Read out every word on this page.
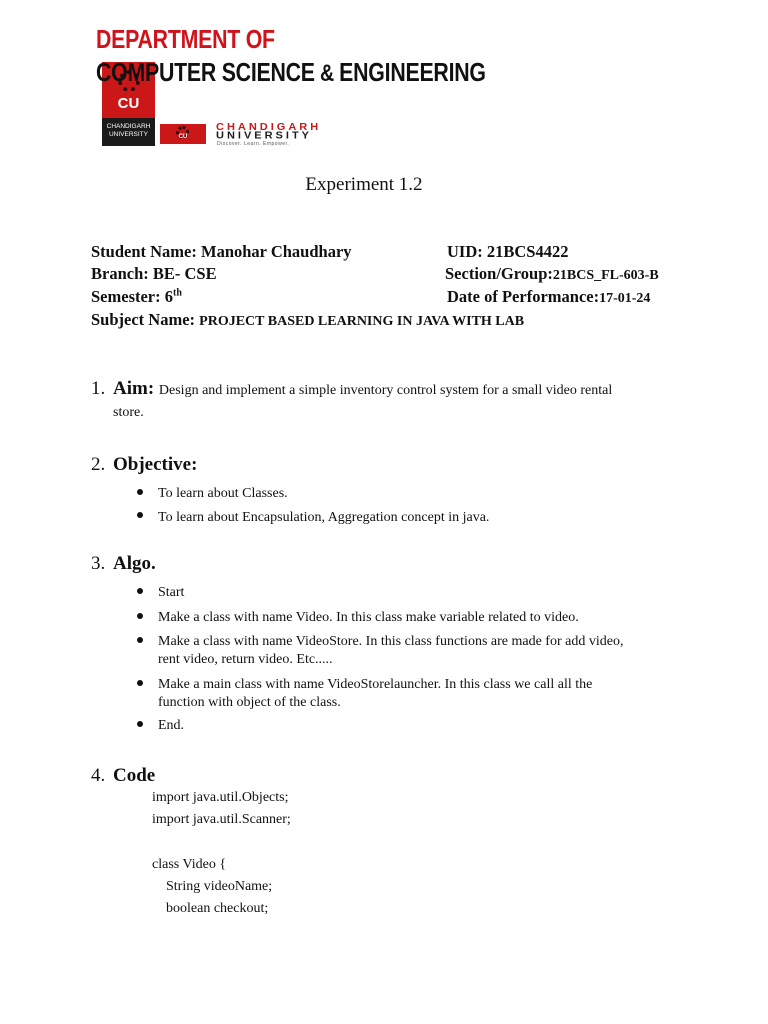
CU
CHANDIGARH UNIVERSITY
DEPARTMENT OF
COMPUTER SCIENCE & ENGINEERING
CU
CHANDIGARH
UNIVERSITY
Discover. Learn. Empower.
Experiment 1.2
Student Name: Manohar Chaudhary	UID: 21BCS4422
Branch: BE- CSE	Section/Group:21BCS_FL-603-B
Semester: 6th	Date of Performance:17-01-24
Subject Name: PROJECT BASED LEARNING IN JAVA WITH LAB
1. Aim: Design and implement a simple inventory control system for a small video rental
store.
2. Objective:
To learn about Classes.
To learn about Encapsulation, Aggregation concept in java.
3. Algo.
Start
Make a class with name Video. In this class make variable related to video.
Make a class with name VideoStore. In this class functions are made for add video,
rent video, return video. Etc.....
Make a main class with name VideoStorelauncher. In this class we call all the
function with object of the class.
End.
4. Code
import java.util.Objects;
import java.util.Scanner;
class Video {
String videoName;
boolean checkout;
